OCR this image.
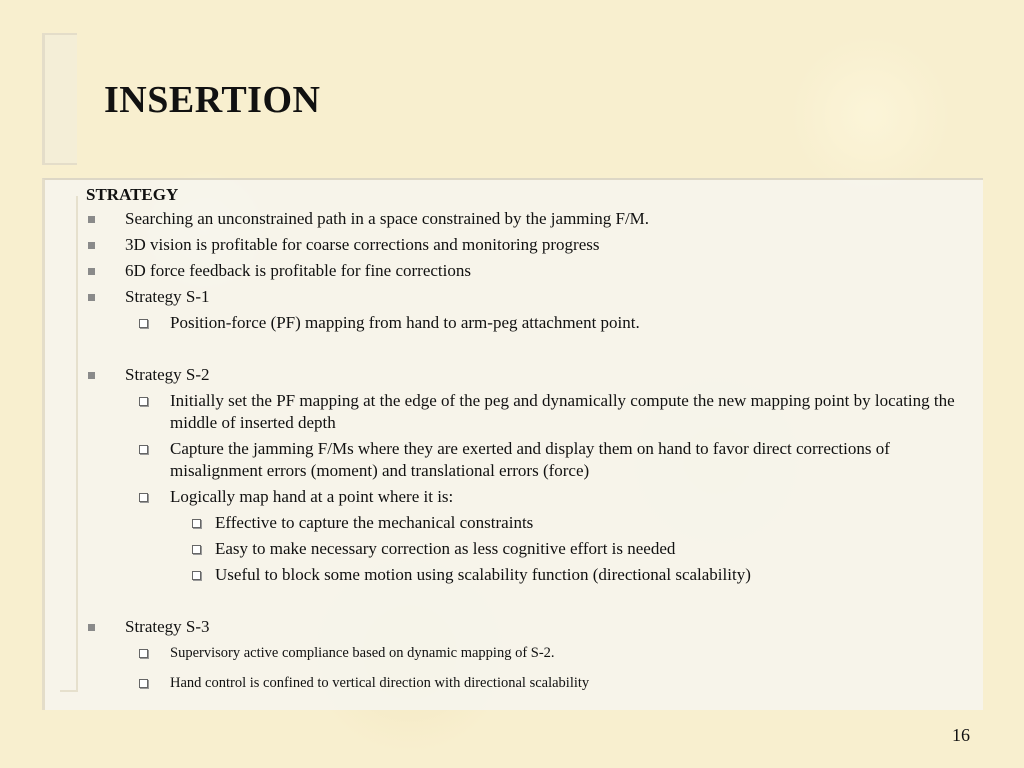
INSERTION
STRATEGY
Searching an unconstrained path in a space constrained by the jamming F/M.
3D vision is profitable for coarse corrections and monitoring progress
6D force feedback is profitable for fine corrections
Strategy S-1
Position-force (PF) mapping from hand to arm-peg attachment point.
Strategy S-2
Initially set the PF mapping at the edge of the peg and dynamically compute the new mapping point by locating the middle of inserted depth
Capture the jamming F/Ms where they are exerted and display them on hand to favor direct corrections of misalignment errors (moment) and translational errors (force)
Logically map hand at a point where it is:
Effective to capture the mechanical constraints
Easy to make necessary correction as less cognitive effort is needed
Useful to block some motion using scalability function (directional scalability)
Strategy S-3
Supervisory active compliance based on dynamic mapping of S-2.
Hand control is confined to vertical direction with directional scalability
16
